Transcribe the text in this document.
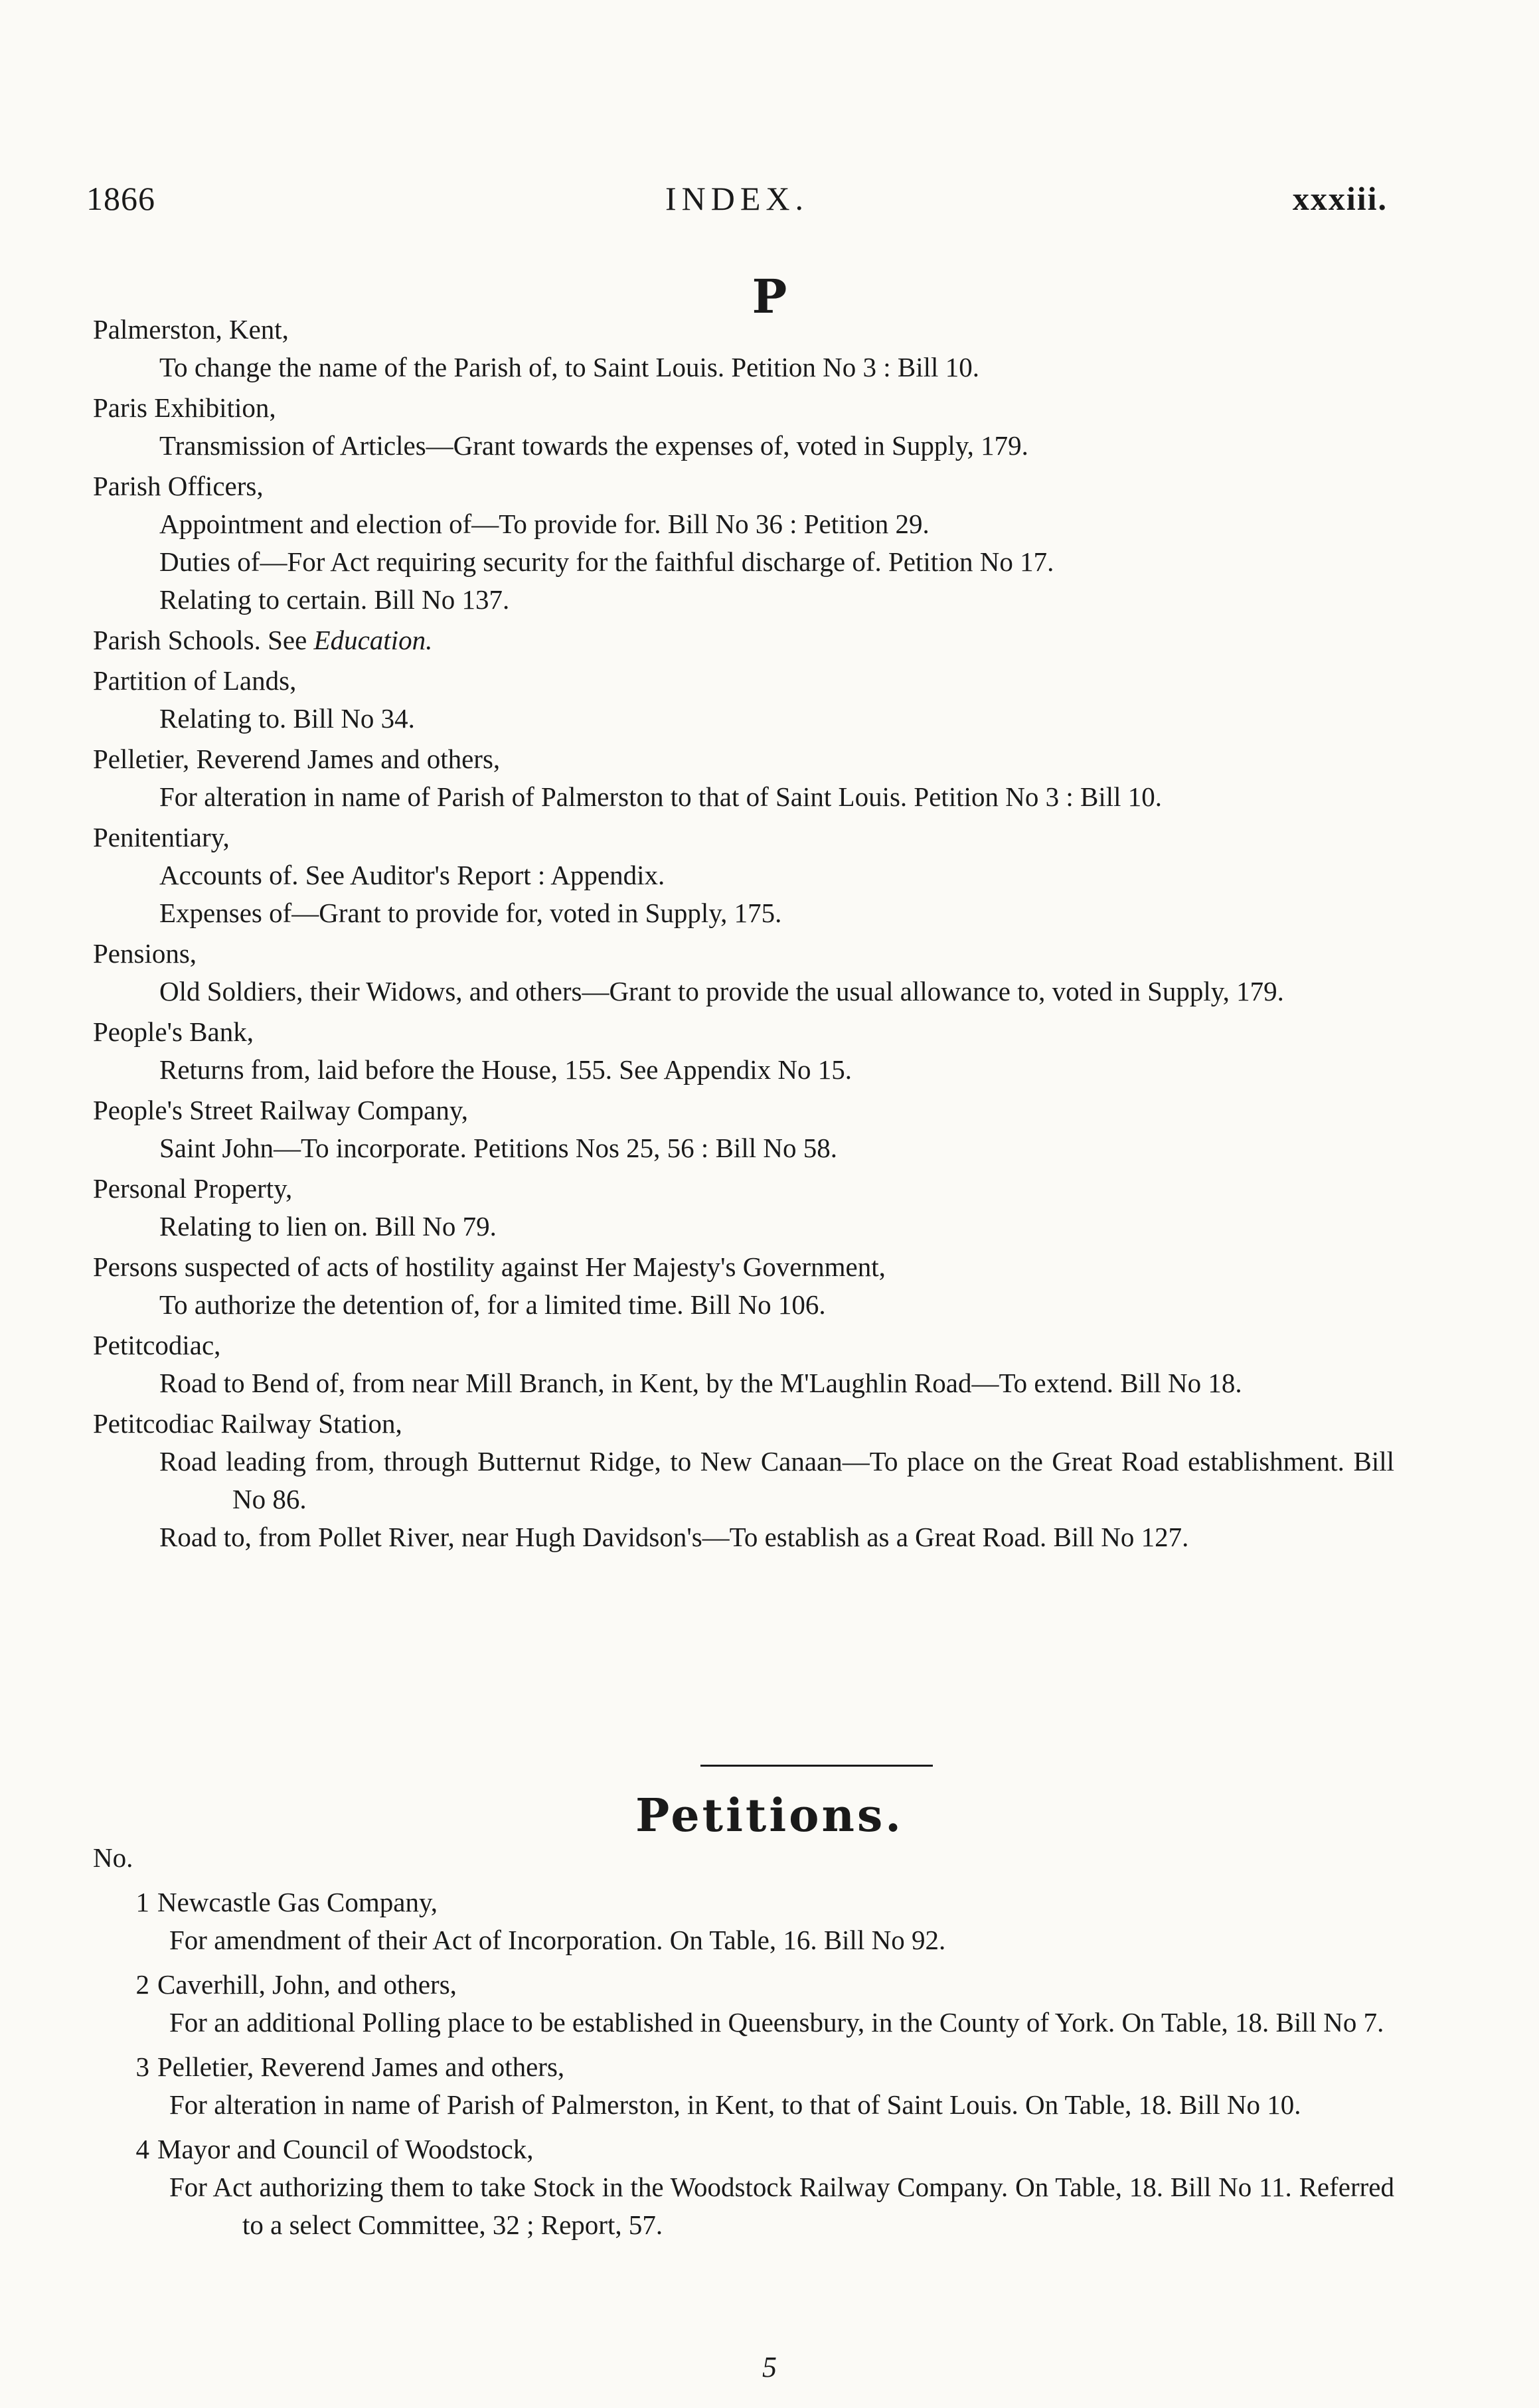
1866	INDEX.	xxxiii.
P
Palmerston, Kent,
To change the name of the Parish of, to Saint Louis. Petition No 3 : Bill 10.
Paris Exhibition,
Transmission of Articles—Grant towards the expenses of, voted in Supply, 179.
Parish Officers,
Appointment and election of—To provide for. Bill No 36 : Petition 29.
Duties of—For Act requiring security for the faithful discharge of. Petition No 17.
Relating to certain. Bill No 137.
Parish Schools. See Education.
Partition of Lands,
Relating to. Bill No 34.
Pelletier, Reverend James and others,
For alteration in name of Parish of Palmerston to that of Saint Louis. Petition No 3 : Bill 10.
Penitentiary,
Accounts of. See Auditor's Report : Appendix.
Expenses of—Grant to provide for, voted in Supply, 175.
Pensions,
Old Soldiers, their Widows, and others—Grant to provide the usual allowance to, voted in Supply, 179.
People's Bank,
Returns from, laid before the House, 155. See Appendix No 15.
People's Street Railway Company,
Saint John—To incorporate. Petitions Nos 25, 56 : Bill No 58.
Personal Property,
Relating to lien on. Bill No 79.
Persons suspected of acts of hostility against Her Majesty's Government,
To authorize the detention of, for a limited time. Bill No 106.
Petitcodiac,
Road to Bend of, from near Mill Branch, in Kent, by the M'Laughlin Road—To extend. Bill No 18.
Petitcodiac Railway Station,
Road leading from, through Butternut Ridge, to New Canaan—To place on the Great Road establishment. Bill No 86.
Road to, from Pollet River, near Hugh Davidson's—To establish as a Great Road. Bill No 127.
Petitions.
No.
1 Newcastle Gas Company,
For amendment of their Act of Incorporation. On Table, 16. Bill No 92.
2 Caverhill, John, and others,
For an additional Polling place to be established in Queensbury, in the County of York. On Table, 18. Bill No 7.
3 Pelletier, Reverend James and others,
For alteration in name of Parish of Palmerston, in Kent, to that of Saint Louis. On Table, 18. Bill No 10.
4 Mayor and Council of Woodstock,
For Act authorizing them to take Stock in the Woodstock Railway Company. On Table, 18. Bill No 11. Referred to a select Committee, 32 ; Report, 57.
5
